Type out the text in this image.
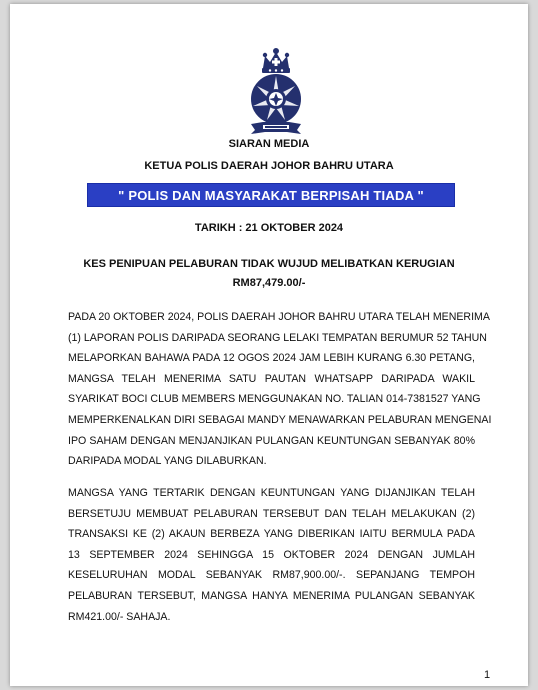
SIARAN MEDIA
KETUA POLIS DAERAH JOHOR BAHRU UTARA
" POLIS DAN MASYARAKAT BERPISAH TIADA "
TARIKH : 21 OKTOBER 2024
KES PENIPUAN PELABURAN TIDAK WUJUD MELIBATKAN KERUGIAN
RM87,479.00/-
PADA 20 OKTOBER 2024, POLIS DAERAH JOHOR BAHRU UTARA TELAH MENERIMA
(1) LAPORAN POLIS DARIPADA SEORANG LELAKI TEMPATAN BERUMUR 52 TAHUN
MELAPORKAN BAHAWA PADA 12 OGOS 2024 JAM LEBIH KURANG 6.30 PETANG,
MANGSA TELAH MENERIMA SATU PAUTAN WHATSAPP DARIPADA WAKIL
SYARIKAT BOCI CLUB MEMBERS MENGGUNAKAN NO. TALIAN 014-7381527 YANG
MEMPERKENALKAN DIRI SEBAGAI MANDY MENAWARKAN PELABURAN MENGENAI
IPO SAHAM DENGAN MENJANJIKAN PULANGAN KEUNTUNGAN SEBANYAK 80%
DARIPADA MODAL YANG DILABURKAN.
MANGSA YANG TERTARIK DENGAN KEUNTUNGAN YANG DIJANJIKAN TELAH
BERSETUJU MEMBUAT PELABURAN TERSEBUT DAN TELAH MELAKUKAN (2)
TRANSAKSI KE (2) AKAUN BERBEZA YANG DIBERIKAN IAITU BERMULA PADA
13 SEPTEMBER 2024 SEHINGGA 15 OKTOBER 2024 DENGAN JUMLAH
KESELURUHAN MODAL SEBANYAK RM87,900.00/-. SEPANJANG TEMPOH
PELABURAN TERSEBUT, MANGSA HANYA MENERIMA PULANGAN SEBANYAK
RM421.00/- SAHAJA.
1
